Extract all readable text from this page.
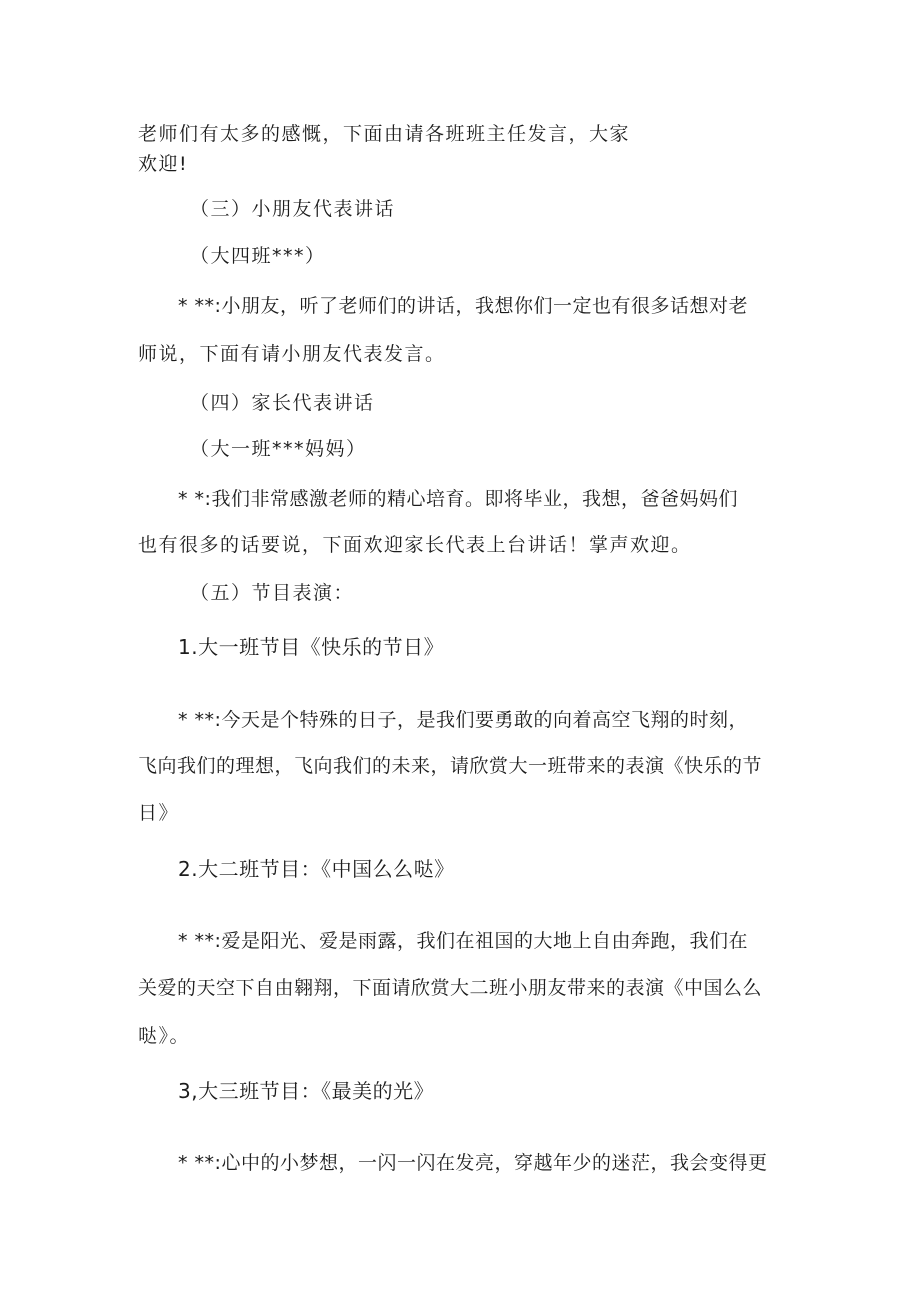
老师们有太多的感慨，下面由请各班班主任发言，大家
欢迎!
（三）小朋友代表讲话
（大四班***）
* **:小朋友，听了老师们的讲话，我想你们一定也有很多话想对老
师说，下面有请小朋友代表发言。
（四）家长代表讲话
（大一班***妈妈）
* *:我们非常感激老师的精心培育。即将毕业，我想，爸爸妈妈们
也有很多的话要说，下面欢迎家长代表上台讲话！掌声欢迎。
（五）节目表演：
1.大一班节目《快乐的节日》
* **:今天是个特殊的日子，是我们要勇敢的向着高空飞翔的时刻，
飞向我们的理想，飞向我们的未来，请欣赏大一班带来的表演《快乐的节
日》
2.大二班节目：《中国么么哒》
* **:爱是阳光、爱是雨露，我们在祖国的大地上自由奔跑，我们在
关爱的天空下自由翱翔，下面请欣赏大二班小朋友带来的表演《中国么么
哒》。
3,大三班节目：《最美的光》
* **:心中的小梦想，一闪一闪在发亮，穿越年少的迷茫，我会变得更
